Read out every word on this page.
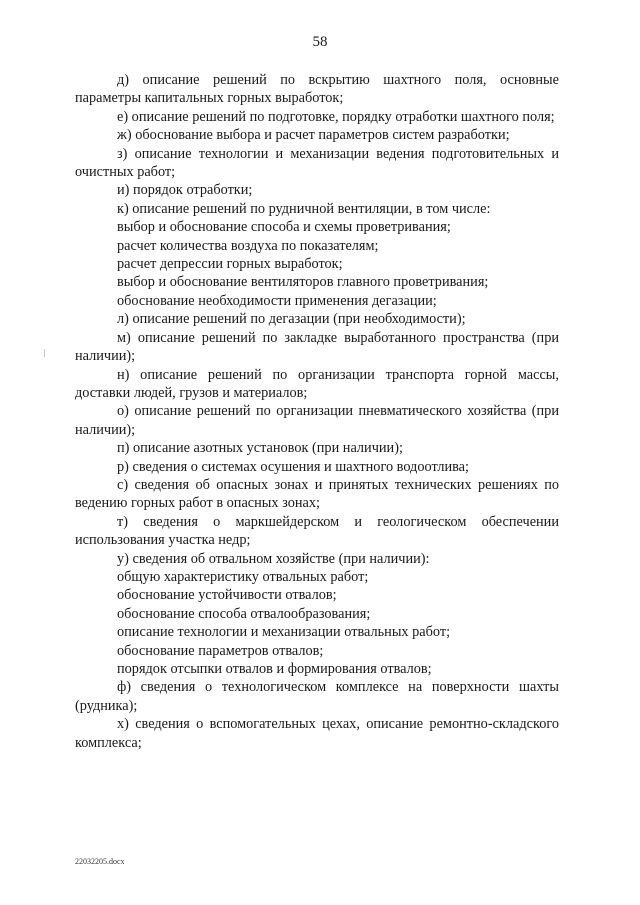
58

д) описание решений по вскрытию шахтного поля, основные параметры капитальных горных выработок;

е) описание решений по подготовке, порядку отработки шахтного поля;

ж) обоснование выбора и расчет параметров систем разработки;

з) описание технологии и механизации ведения подготовительных и очистных работ;

и) порядок отработки;

к) описание решений по рудничной вентиляции, в том числе:

выбор и обоснование способа и схемы проветривания;

расчет количества воздуха по показателям;

расчет депрессии горных выработок;

выбор и обоснование вентиляторов главного проветривания;

обоснование необходимости применения дегазации;

л) описание решений по дегазации (при необходимости);

м) описание решений по закладке выработанного пространства (при наличии);

н) описание решений по организации транспорта горной массы, доставки людей, грузов и материалов;

о) описание решений по организации пневматического хозяйства (при наличии);

п) описание азотных установок (при наличии);

р) сведения о системах осушения и шахтного водоотлива;

с) сведения об опасных зонах и принятых технических решениях по ведению горных работ в опасных зонах;

т) сведения о маркшейдерском и геологическом обеспечении использования участка недр;

у) сведения об отвальном хозяйстве (при наличии):

общую характеристику отвальных работ;

обоснование устойчивости отвалов;

обоснование способа отвалообразования;

описание технологии и механизации отвальных работ;

обоснование параметров отвалов;

порядок отсыпки отвалов и формирования отвалов;

ф) сведения о технологическом комплексе на поверхности шахты (рудника);

х) сведения о вспомогательных цехах, описание ремонтно-складского комплекса;

22032205.docx
